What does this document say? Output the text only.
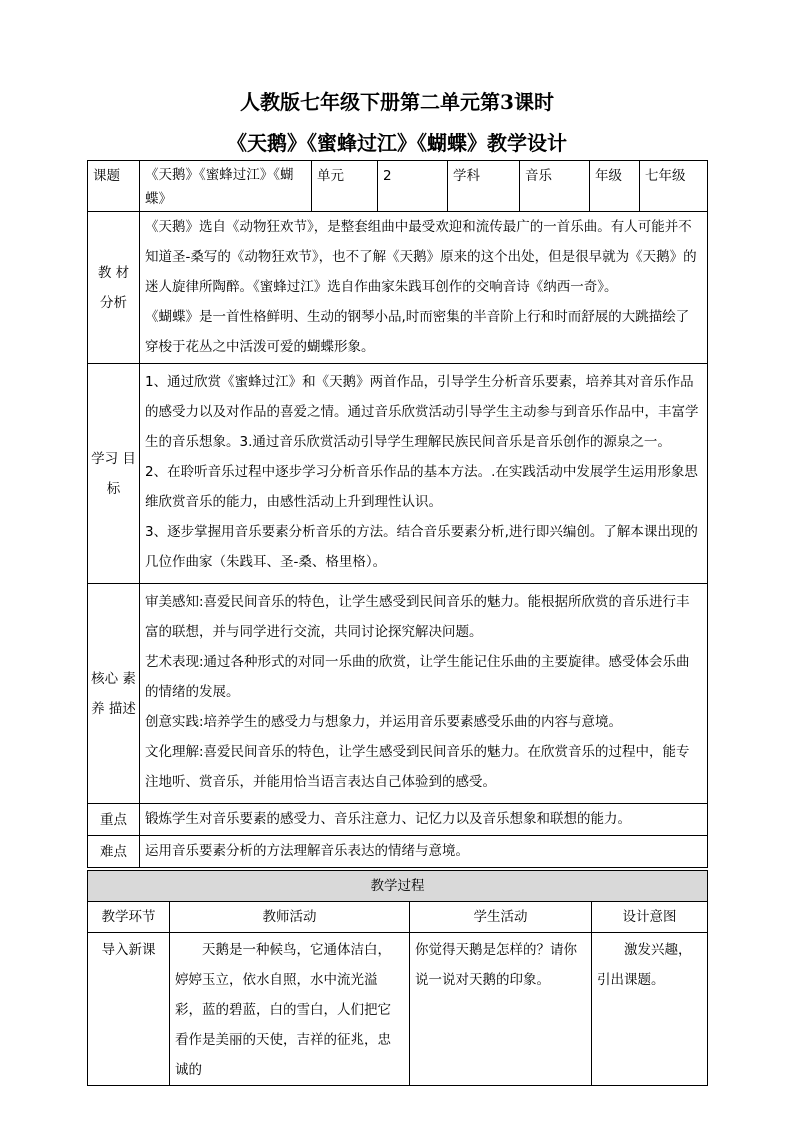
人教版七年级下册第二单元第3课时
《天鹅》《蜜蜂过江》《蝴蝶》教学设计
课题	《天鹅》《蜜蜂过江》《蝴蝶》	单元	2	学科	音乐	年级	七年级
教 材 分析	《天鹅》选自《动物狂欢节》，是整套组曲中最受欢迎和流传最广的一首乐曲。有人可能并不知道圣-桑写的《动物狂欢节》，也不了解《天鹅》原来的这个出处，但是很早就为《天鹅》的迷人旋律所陶醉。《蜜蜂过江》选自作曲家朱践耳创作的交响音诗《纳西一奇》。

《蝴蝶》是一首性格鲜明、生动的钢琴小品,时而密集的半音阶上行和时而舒展的大跳描绘了穿梭于花丛之中活泼可爱的蝴蝶形象。						

学习 目标	1、通过欣赏《蜜蜂过江》和《天鹅》两首作品，引导学生分析音乐要素，培养其对音乐作品的感受力以及对作品的喜爱之情。通过音乐欣赏活动引导学生主动参与到音乐作品中，丰富学生的音乐想象。3.通过音乐欣赏活动引导学生理解民族民间音乐是音乐创作的源泉之一。

2、在聆听音乐过程中逐步学习分析音乐作品的基本方法。.在实践活动中发展学生运用形象思维欣赏音乐的能力，由感性活动上升到理性认识。

3、逐步掌握用音乐要素分析音乐的方法。结合音乐要素分析,进行即兴编创。了解本课出现的几位作曲家（朱践耳、圣-桑、格里格）。						

核心 素养 描述	审美感知:喜爱民间音乐的特色，让学生感受到民间音乐的魅力。能根据所欣赏的音乐进行丰富的联想，并与同学进行交流，共同讨论探究解决问题。

艺术表现:通过各种形式的对同一乐曲的欣赏，让学生能记住乐曲的主要旋律。感受体会乐曲的情绪的发展。

创意实践:培养学生的感受力与想象力，并运用音乐要素感受乐曲的内容与意境。

文化理解:喜爱民间音乐的特色，让学生感受到民间音乐的魅力。在欣赏音乐的过程中，能专注地听、赏音乐，并能用恰当语言表达自己体验到的感受。						

重点	锻炼学生对音乐要素的感受力、音乐注意力、记忆力以及音乐想象和联想的能力。						
难点	运用音乐要素分析的方法理解音乐表达的情绪与意境。						
教学过程			
教学环节	教师活动	学生活动	设计意图
导入新课	天鹅是一种候鸟，它通体洁白，婷婷玉立，依水自照，水中流光溢彩，蓝的碧蓝，白的雪白，人们把它看作是美丽的天使，吉祥的征兆，忠诚的	你觉得天鹅是怎样的？请你说一说对天鹅的印象。	激发兴趣，引出课题。
